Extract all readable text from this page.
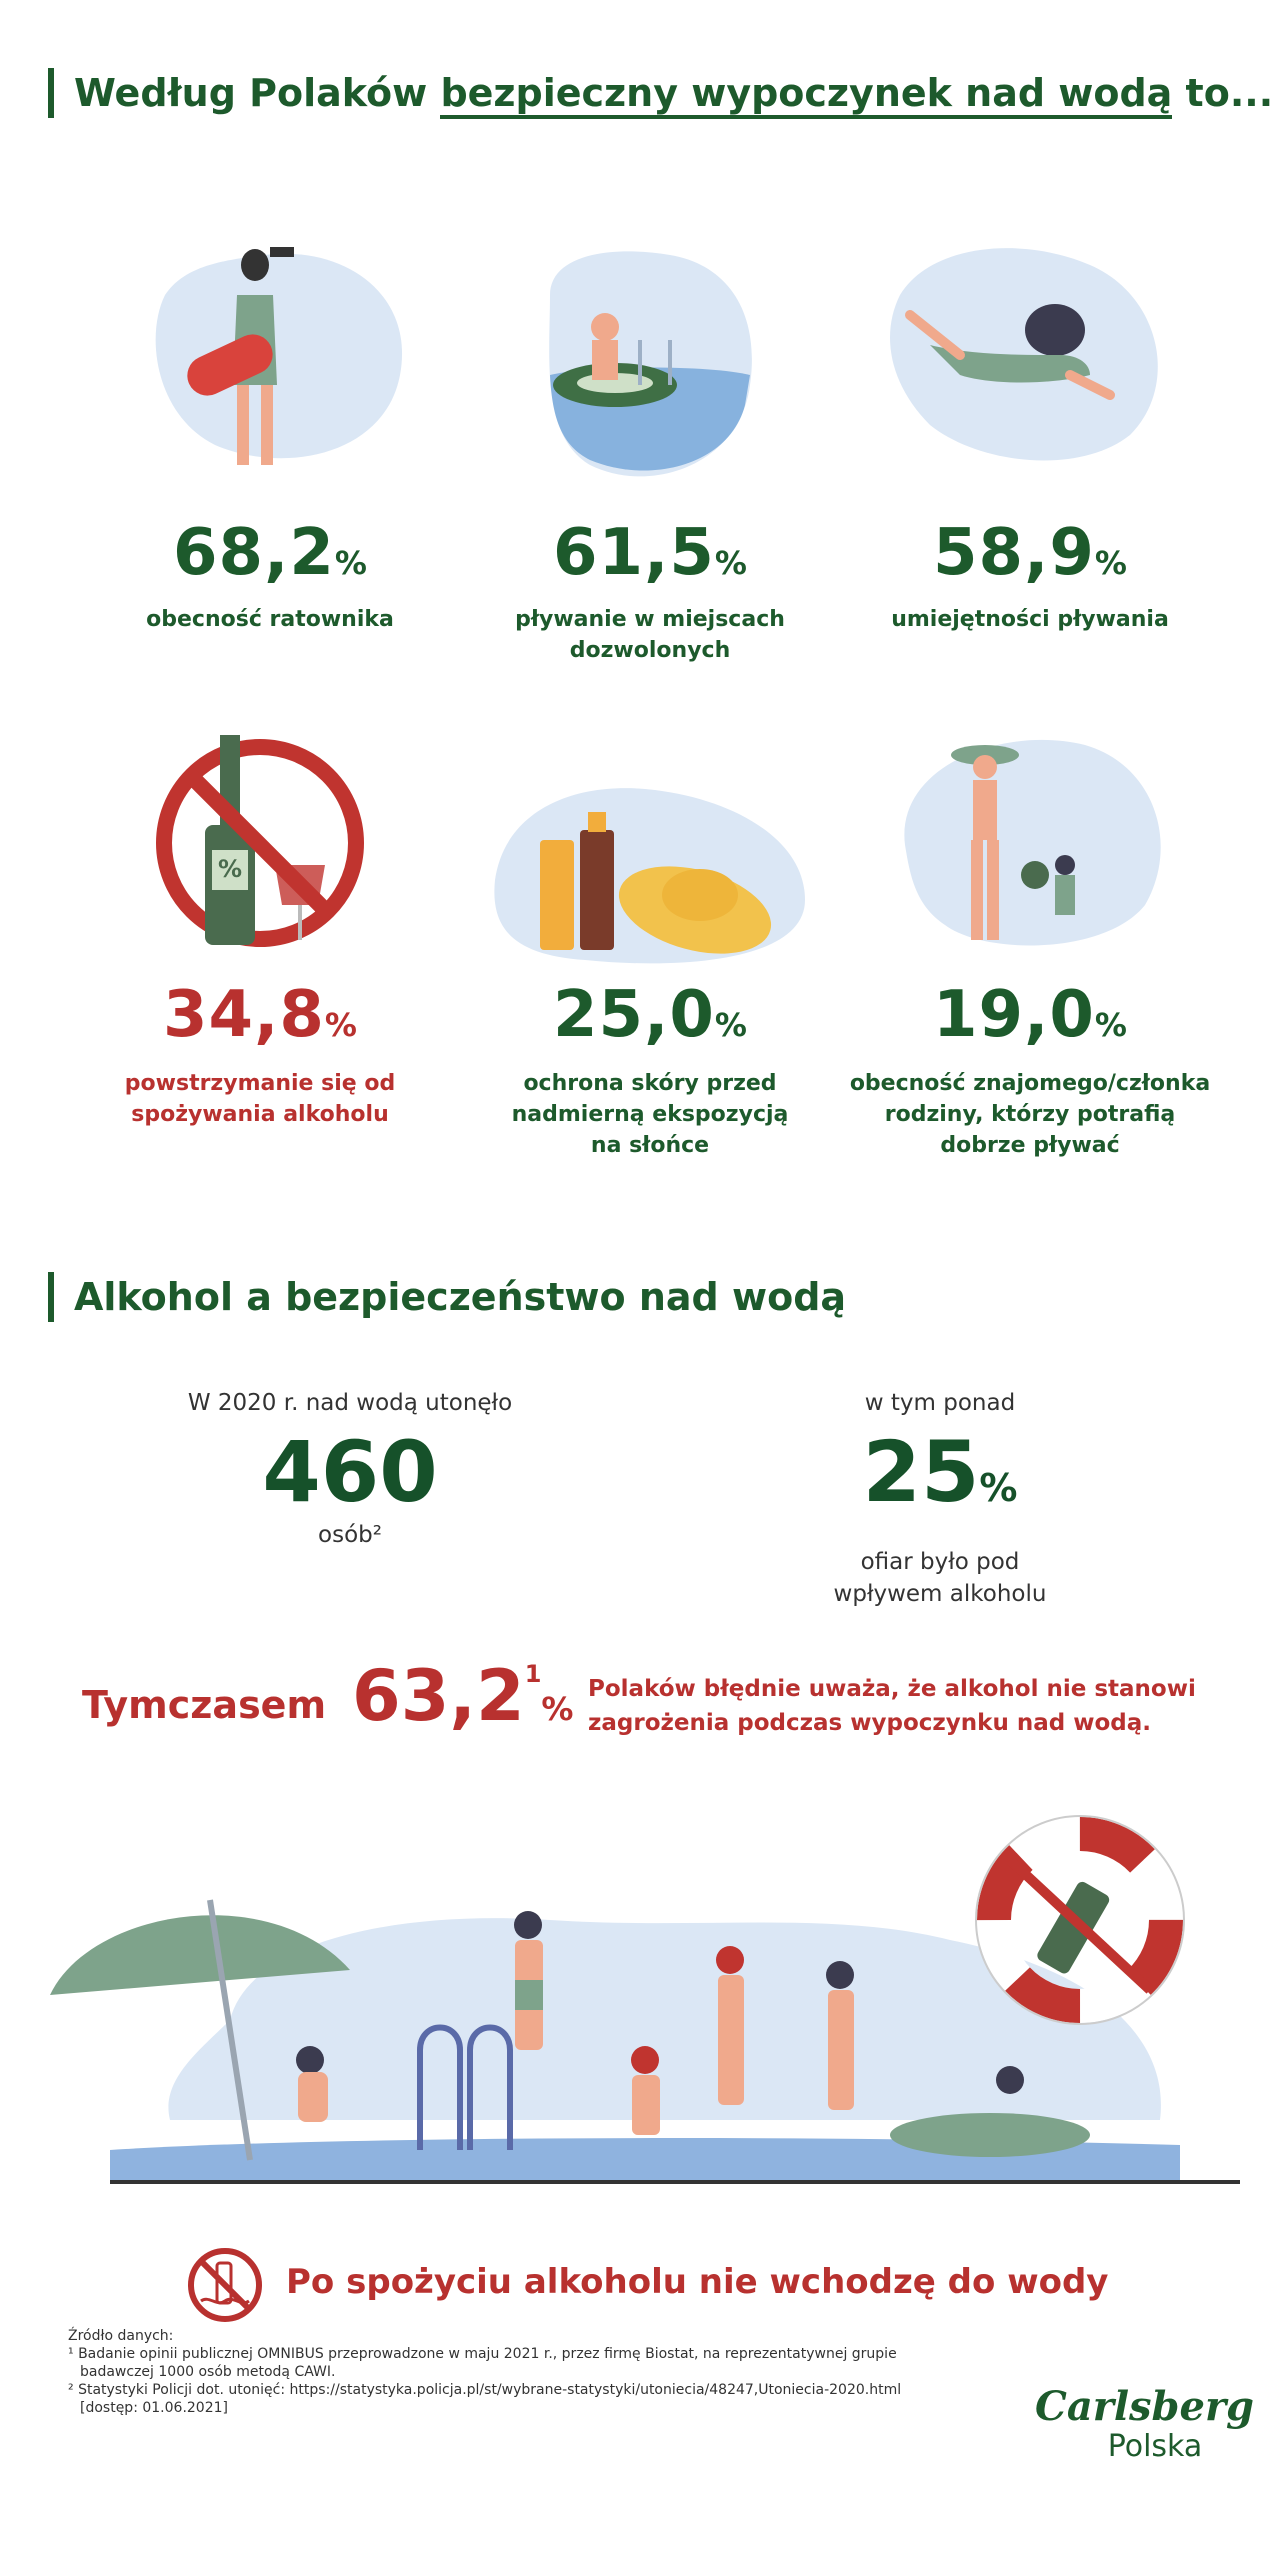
Według Polaków bezpieczny wypoczynek nad wodą to...
68,2%
obecność ratownika
61,5%
pływanie w miejscach
dozwolonych
58,9%
umiejętności pływania
%
34,8%
powstrzymanie się od
spożywania alkoholu
25,0%
ochrona skóry przed
nadmierną ekspozycją
na słońce
19,0%
obecność znajomego/członka
rodziny, którzy potrafią
dobrze pływać
Alkohol a bezpieczeństwo nad wodą
W 2020 r. nad wodą utonęło
460
osób²
w tym ponad
25%
ofiar było pod
wpływem alkoholu
Tymczasem 63,2$^1$%
Polaków błędnie uważa, że alkohol nie stanowi
zagrożenia podczas wypoczynku nad wodą.
Po spożyciu alkoholu nie wchodzę do wody
Źródło danych:
¹ Badanie opinii publicznej OMNIBUS przeprowadzone w maju 2021 r., przez firmę Biostat, na reprezentatywnej grupie
badawczej 1000 osób metodą CAWI.
² Statystyki Policji dot. utonięć: https://statystyka.policja.pl/st/wybrane-statystyki/utoniecia/48247,Utoniecia-2020.html
[dostęp: 01.06.2021]	Carlsberg
Polska
